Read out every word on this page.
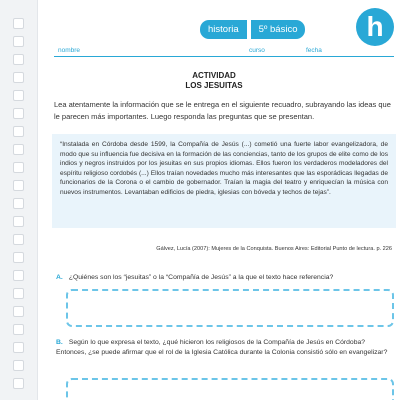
historia	5º básico	h
nombre	curso	fecha
ACTIVIDAD
LOS JESUITAS
Lea atentamente la información que se le entrega en el siguiente recuadro, subrayando las ideas que le parecen más importantes. Luego responda las preguntas que se presentan.
“Instalada en Córdoba desde 1599, la Compañía de Jesús (...) cometió una fuerte labor evangelizadora, de modo que su influencia fue decisiva en la formación de las conciencias, tanto de los grupos de elite como de los indios y negros instruidos por los jesuitas en sus propios idiomas. Ellos fueron los verdaderos modeladores del espíritu religioso cordobés (...) Ellos traían novedades mucho más interesantes que las esporádicas llegadas de funcionarios de la Corona o el cambio de gobernador. Traían la magia del teatro y enriquecían la música con nuevos instrumentos. Levantaban edificios de piedra, iglesias con bóveda y techos de tejas”.
Gálvez, Lucía (2007): Mujeres de la Conquista. Buenos Aires: Editorial Punto de lectura. p. 226
A. ¿Quiénes son los “jesuitas” o la “Compañía de Jesús” a la que el texto hace referencia?
B. Según lo que expresa el texto, ¿qué hicieron los religiosos de la Compañía de Jesús en Córdoba? Entonces, ¿se puede afirmar que el rol de la Iglesia Católica durante la Colonia consistió sólo en evangelizar?
